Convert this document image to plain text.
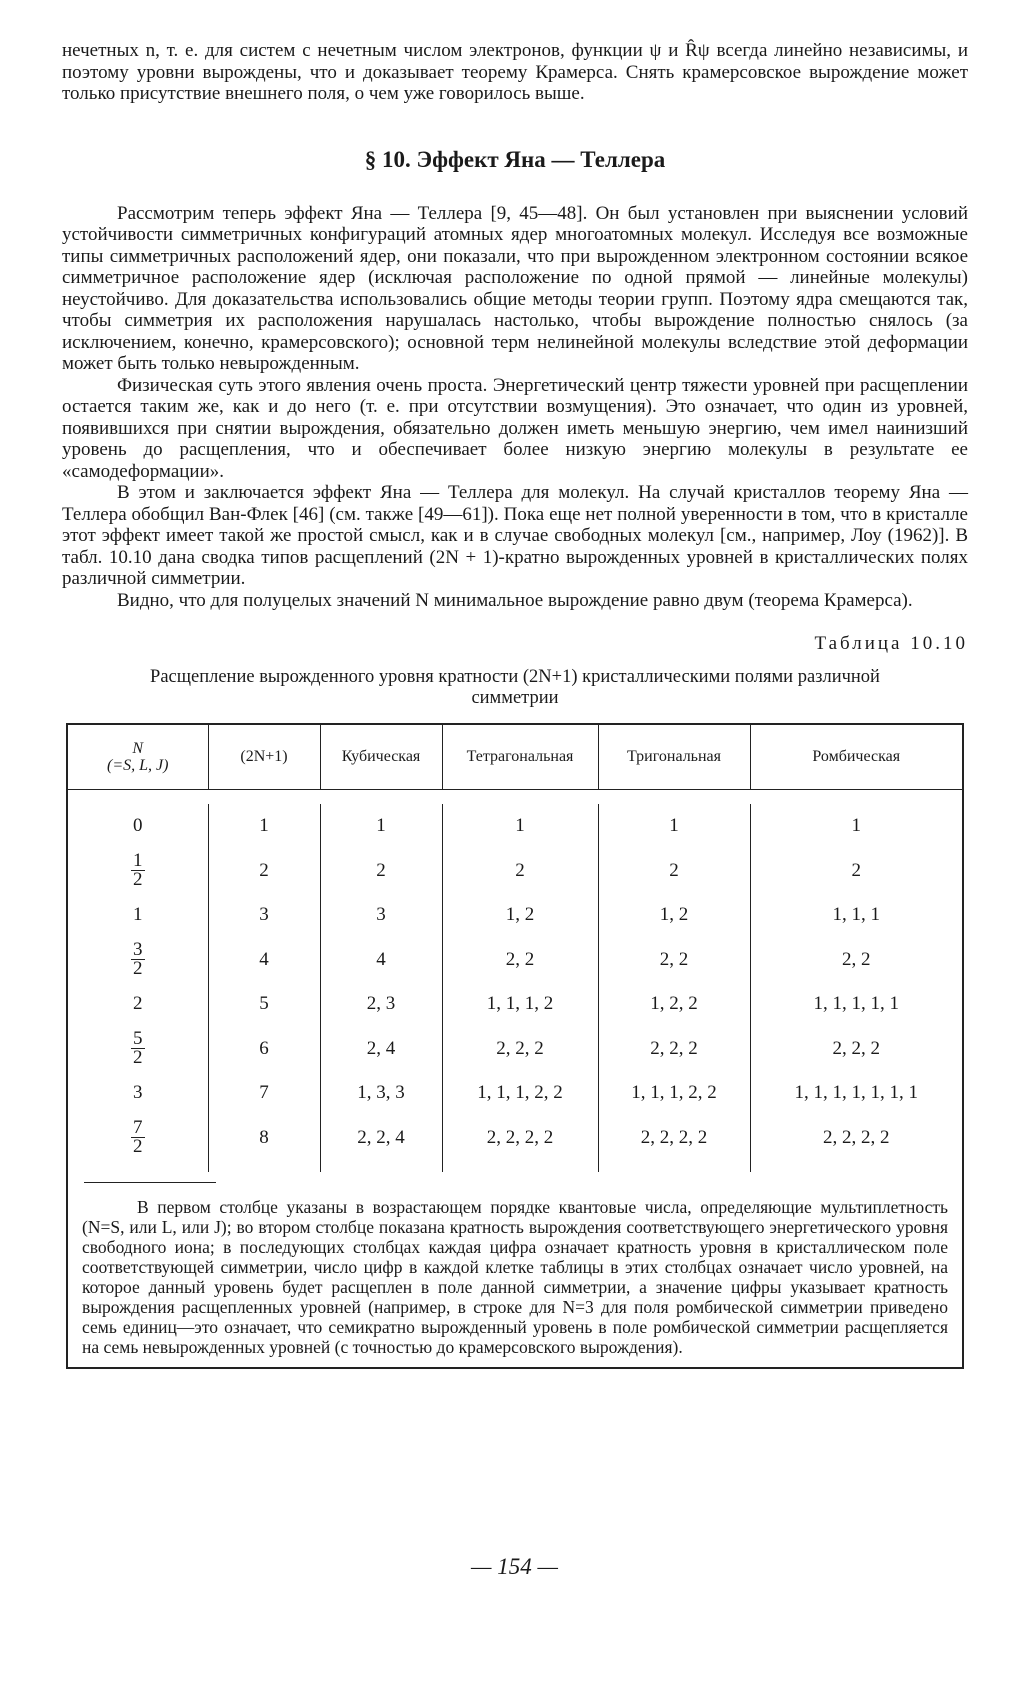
нечетных n, т. е. для систем с нечетным числом электронов, функции ψ и R̂ψ всегда линейно независимы, и поэтому уровни вырождены, что и доказывает теорему Крамерса. Снять крамерсовское вырождение может только присутствие внешнего поля, о чем уже говорилось выше.

§ 10. Эффект Яна — Теллера

Рассмотрим теперь эффект Яна — Теллера [9, 45—48]. Он был установлен при выяснении условий устойчивости симметричных конфигураций атомных ядер многоатомных молекул. Исследуя все возможные типы симметричных расположений ядер, они показали, что при вырожденном электронном состоянии всякое симметричное расположение ядер (исключая расположение по одной прямой — линейные молекулы) неустойчиво. Для доказательства использовались общие методы теории групп. Поэтому ядра смещаются так, чтобы симметрия их расположения нарушалась настолько, чтобы вырождение полностью снялось (за исключением, конечно, крамерсовского); основной терм нелинейной молекулы вследствие этой деформации может быть только невырожденным.

Физическая суть этого явления очень проста. Энергетический центр тяжести уровней при расщеплении остается таким же, как и до него (т. е. при отсутствии возмущения). Это означает, что один из уровней, появившихся при снятии вырождения, обязательно должен иметь меньшую энергию, чем имел наинизший уровень до расщепления, что и обеспечивает более низкую энергию молекулы в результате ее «самодеформации».

В этом и заключается эффект Яна — Теллера для молекул. На случай кристаллов теорему Яна — Теллера обобщил Ван-Флек [46] (см. также [49—61]). Пока еще нет полной уверенности в том, что в кристалле этот эффект имеет такой же простой смысл, как и в случае свободных молекул [см., например, Лоу (1962)]. В табл. 10.10 дана сводка типов расщеплений (2N + 1)-кратно вырожденных уровней в кристаллических полях различной симметрии.

Видно, что для полуцелых значений N минимальное вырождение равно двум (теорема Крамерса).

Таблица 10.10
Расщепление вырожденного уровня кратности (2N+1) кристаллическими полями различной симметрии
N
(=S, L, J)	(2N+1)	Кубическая	Тетрагональная	Тригональная	Ромбическая

0	1	1	1	1	1

$\frac{1}{2}$	2	2	2	2	2
1	3	3	1, 2	1, 2	1, 1, 1

$\frac{3}{2}$	4	4	2, 2	2, 2	2, 2
2	5	2, 3	1, 1, 1, 2	1, 2, 2	1, 1, 1, 1, 1

$\frac{5}{2}$	6	2, 4	2, 2, 2	2, 2, 2	2, 2, 2
3	7	1, 3, 3	1, 1, 1, 2, 2	1, 1, 1, 2, 2	1, 1, 1, 1, 1, 1, 1

$\frac{7}{2}$	8	2, 2, 4	2, 2, 2, 2	2, 2, 2, 2	2, 2, 2, 2

В первом столбце указаны в возрастающем порядке квантовые числа, определяющие мультиплетность (N=S, или L, или J); во втором столбце показана кратность вырождения соответствующего энергетического уровня свободного иона; в последующих столбцах каждая цифра означает кратность уровня в кристаллическом поле соответствующей симметрии, число цифр в каждой клетке таблицы в этих столбцах означает число уровней, на которое данный уровень будет расщеплен в поле данной симметрии, а значение цифры указывает кратность вырождения расщепленных уровней (например, в строке для N=3 для поля ромбической симметрии приведено семь единиц—это означает, что семикратно вырожденный уровень в поле ромбической симметрии расщепляется на семь невырожденных уровней (с точностью до крамерсовского вырождения).

— 154 —
